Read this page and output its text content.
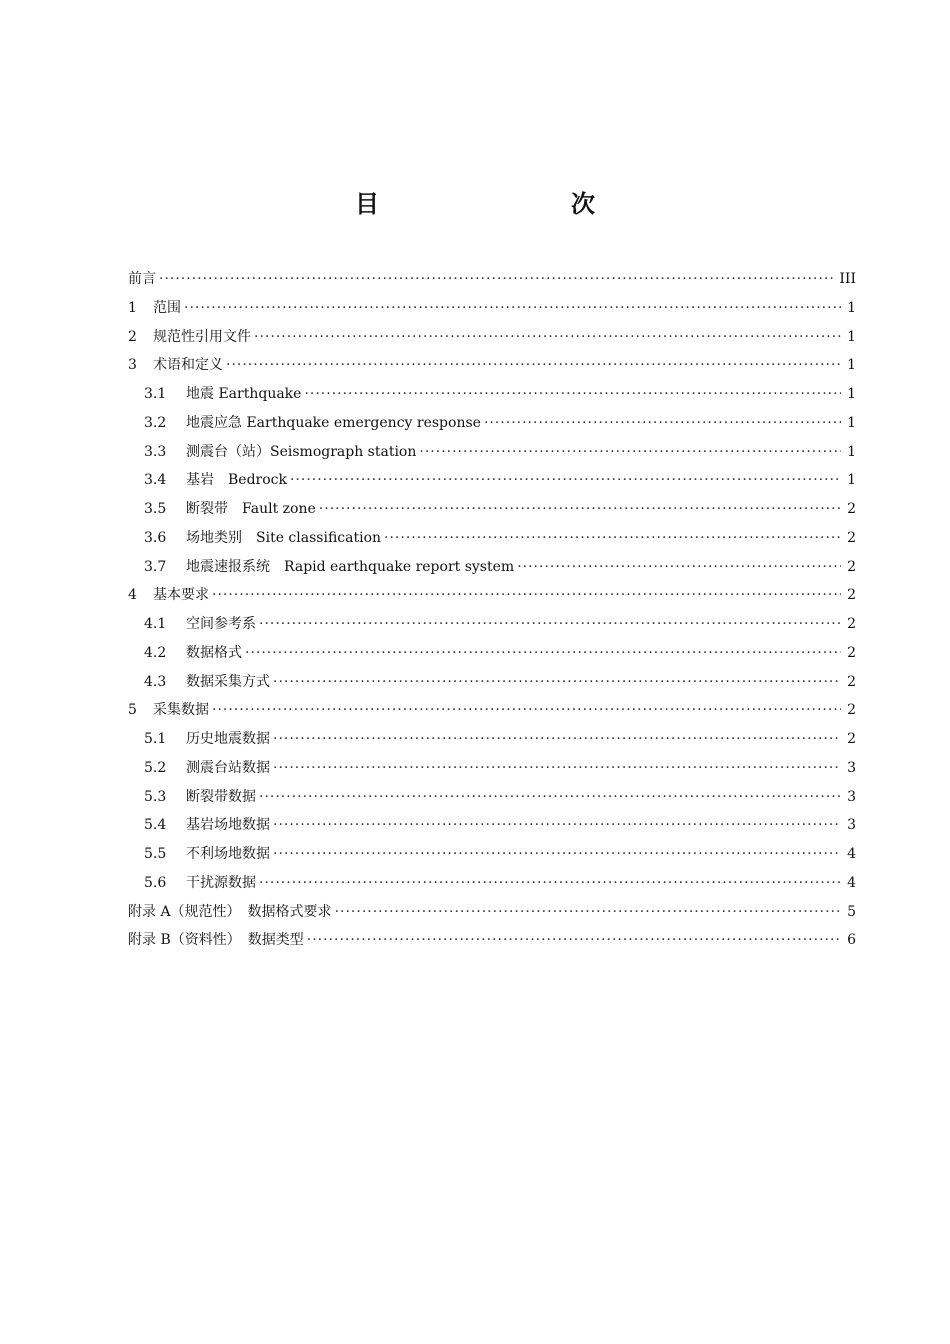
目　　次
前言 ·····	III
1	范围 ·····	1
2	规范性引用文件 ·····	1
3	术语和定义 ·····	1
3.1	地震 Earthquake ·····	1
3.2	地震应急 Earthquake emergency response ·····	1
3.3	测震台（站）Seismograph station ·····	1
3.4	基岩　Bedrock ·····	1
3.5	断裂带　Fault zone ·····	2
3.6	场地类别　Site classification ·····	2
3.7	地震速报系统　Rapid earthquake report system ·····	2
4	基本要求 ·····	2
4.1	空间参考系 ·····	2
4.2	数据格式 ·····	2
4.3	数据采集方式 ·····	2
5	采集数据 ·····	2
5.1	历史地震数据 ·····	2
5.2	测震台站数据 ·····	3
5.3	断裂带数据 ·····	3
5.4	基岩场地数据 ·····	3
5.5	不利场地数据 ·····	4
5.6	干扰源数据 ·····	4
附录 A（规范性）　数据格式要求 ·····	5
附录 B（资料性）　数据类型 ·····	6
